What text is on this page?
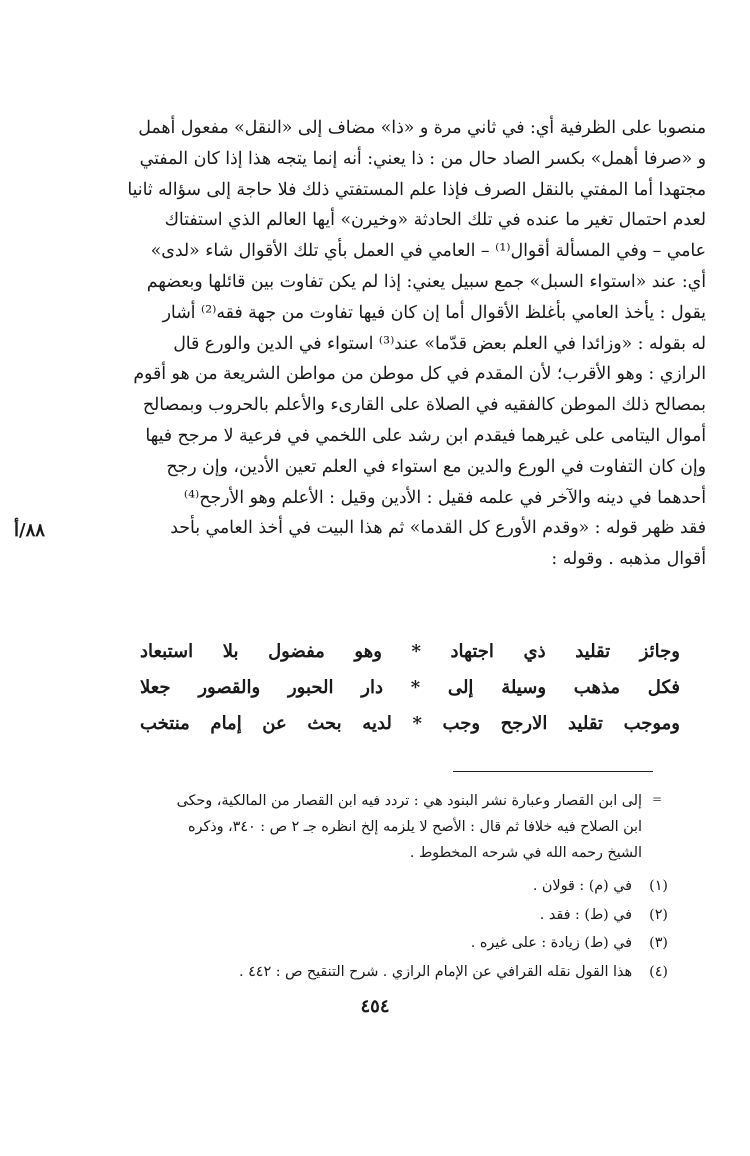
منصوبا على الظرفية أي: في ثاني مرة و «ذا» مضاف إلى «النقل» مفعول أهمل
و «صرفا أهمل» بكسر الصاد حال من : ذا يعني: أنه إنما يتجه هذا إذا كان المفتي
مجتهدا أما المفتي بالنقل الصرف فإذا علم المستفتي ذلك فلا حاجة إلى سؤاله ثانيا
لعدم احتمال تغير ما عنده في تلك الحادثة «وخيرن» أيها العالم الذي استفتاك
عامي – وفي المسألة أقوال⁽¹⁾ – العامي في العمل بأي تلك الأقوال شاء «لدى»
أي: عند «استواء السبل» جمع سبيل يعني: إذا لم يكن تفاوت بين قائلها وبعضهم
يقول : يأخذ العامي بأغلظ الأقوال أما إن كان فيها تفاوت من جهة فقه⁽²⁾ أشار
له بقوله : «وزائدا في العلم بعض قدّما» عند⁽³⁾ استواء في الدين والورع قال
الرازي : وهو الأقرب؛ لأن المقدم في كل موطن من مواطن الشريعة من هو أقوم
بمصالح ذلك الموطن كالفقيه في الصلاة على القارىء والأعلم بالحروب وبمصالح
أموال اليتامى على غيرهما فيقدم ابن رشد على اللخمي في فرعية لا مرجح فيها
وإن كان التفاوت في الورع والدين مع استواء في العلم تعين الأدين، وإن رجح
أحدهما في دينه والآخر في علمه فقيل : الأدين وقيل : الأعلم وهو الأرجح⁽⁴⁾
فقد ظهر قوله : «وقدم الأورع كل القدما» ثم هذا البيت في أخذ العامي بأحد
أقوال مذهبه . وقوله :
٨٨/أ
وجائز تقليد ذي اجتهاد * وهو مفضول بلا استبعاد
فكل مذهب وسيلة إلى * دار الحبور والقصور جعلا
وموجب تقليد الارجح وجب * لديه بحث عن إمام منتخب
=
إلى ابن القصار وعبارة نشر البنود هي : تردد فيه ابن القصار من المالكية، وحكى
ابن الصلاح فيه خلافا ثم قال : الأصح لا يلزمه إلخ انظره جـ ٢ ص : ٣٤٠، وذكره
الشيخ رحمه الله في شرحه المخطوط .
(١)
في (م) : قولان .
(٢)
في (ط) : فقد .
(٣)
في (ط) زيادة : على غيره .
(٤)
هذا القول نقله القرافي عن الإمام الرازي . شرح التنقيح ص : ٤٤٢ .
٤٥٤
